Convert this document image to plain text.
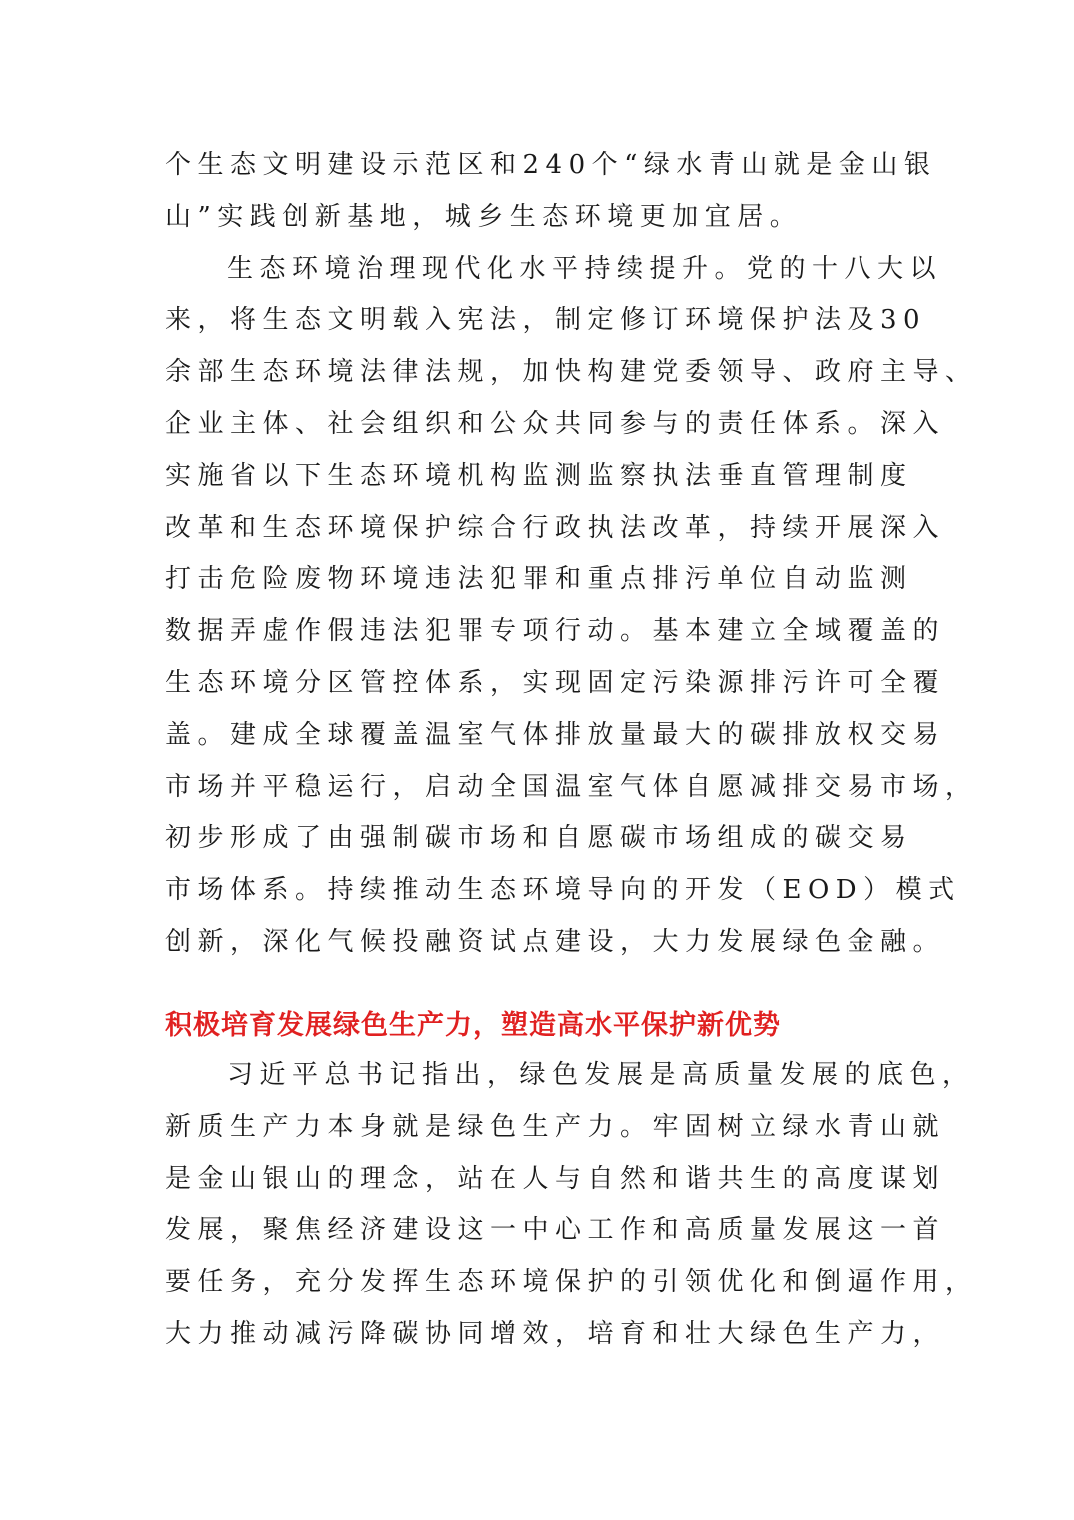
个生态文明建设示范区和240个“绿水青山就是金山银
山”实践创新基地，城乡生态环境更加宜居。
生态环境治理现代化水平持续提升。党的十八大以
来，将生态文明载入宪法，制定修订环境保护法及30
余部生态环境法律法规，加快构建党委领导、政府主导、
企业主体、社会组织和公众共同参与的责任体系。深入
实施省以下生态环境机构监测监察执法垂直管理制度
改革和生态环境保护综合行政执法改革，持续开展深入
打击危险废物环境违法犯罪和重点排污单位自动监测
数据弄虚作假违法犯罪专项行动。基本建立全域覆盖的
生态环境分区管控体系，实现固定污染源排污许可全覆
盖。建成全球覆盖温室气体排放量最大的碳排放权交易
市场并平稳运行，启动全国温室气体自愿减排交易市场，
初步形成了由强制碳市场和自愿碳市场组成的碳交易
市场体系。持续推动生态环境导向的开发（EOD）模式
创新，深化气候投融资试点建设，大力发展绿色金融。
积极培育发展绿色生产力，塑造高水平保护新优势
习近平总书记指出，绿色发展是高质量发展的底色，
新质生产力本身就是绿色生产力。牢固树立绿水青山就
是金山银山的理念，站在人与自然和谐共生的高度谋划
发展，聚焦经济建设这一中心工作和高质量发展这一首
要任务，充分发挥生态环境保护的引领优化和倒逼作用，
大力推动减污降碳协同增效，培育和壮大绿色生产力，
